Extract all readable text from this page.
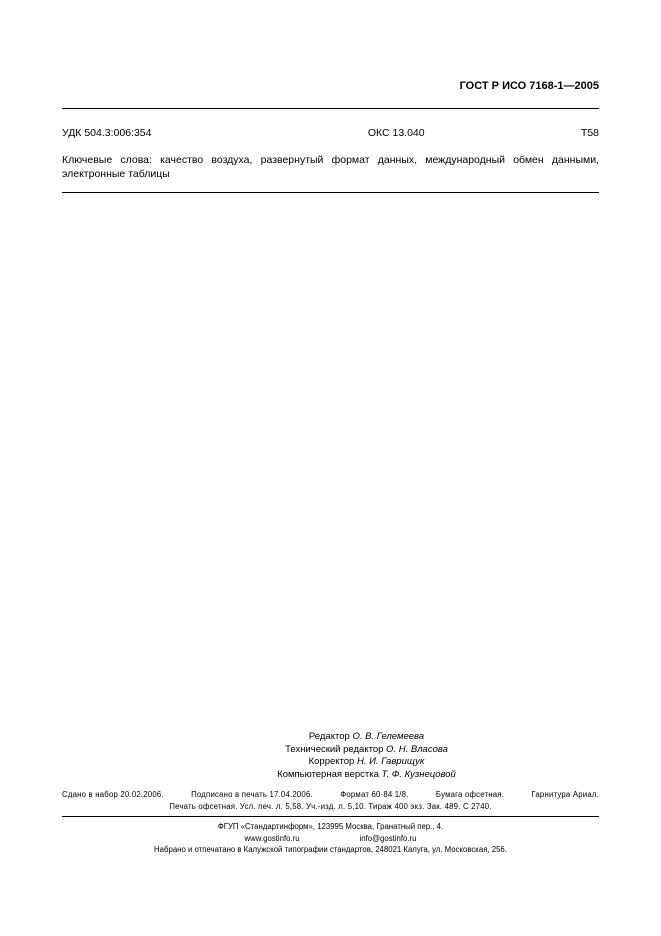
ГОСТ Р ИСО 7168-1—2005
УДК 504.3:006:354	ОКС 13.040	Т58
Ключевые слова: качество воздуха, развернутый формат данных, международный обмен данными, электронные таблицы
Редактор О. В. Гелемеева
Технический редактор О. Н. Власова
Корректор Н. И. Гаврищук
Компьютерная верстка Т. Ф. Кузнецовой
Сдано в набор 20.02.2006.	Подписано в печать 17.04.2006.	Формат 60·84 1/8.	Бумага офсетная.	Гарнитура Ариал.
Печать офсетная. Усл. печ. л. 5,58. Уч.-изд. л. 5,10. Тираж 400 экз. Зак. 489. С 2740.
ФГУП «Стандартинформ», 123995 Москва, Гранатный пер., 4.
www.gostinfo.ru	info@gostinfo.ru
Набрано и отпечатано в Калужской типографии стандартов, 248021 Калуга, ул. Московская, 256.
